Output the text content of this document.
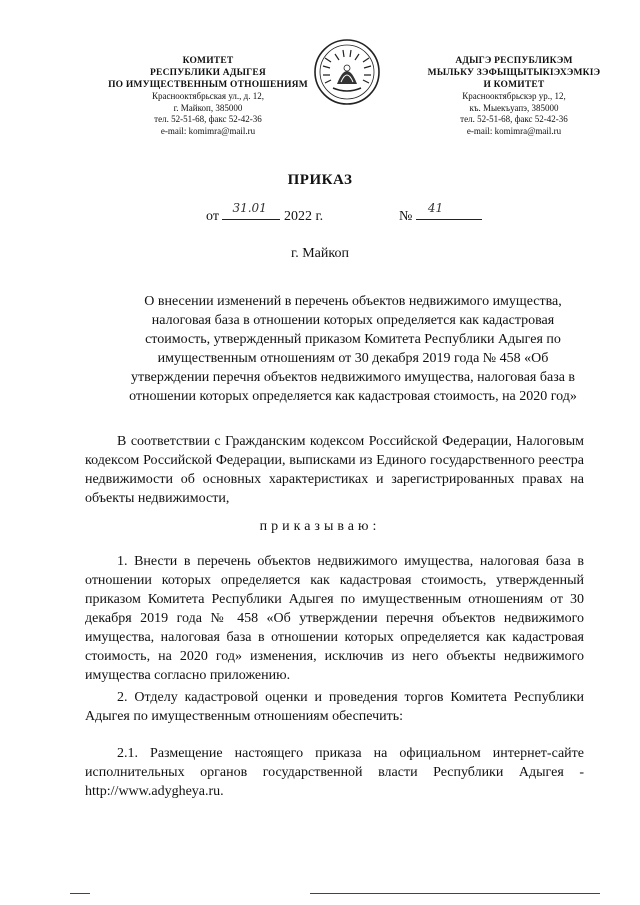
КОМИТЕТ
РЕСПУБЛИКИ АДЫГЕЯ
ПО ИМУЩЕСТВЕННЫМ ОТНОШЕНИЯМ
Краснооктябрьская ул., д. 12,
г. Майкоп, 385000
тел. 52-51-68, факс 52-42-36
e-mail: komimra@mail.ru
АДЫГЭ РЕСПУБЛИКЭМ
МЫЛЬКУ ЗЭФЫЩЫТЫКIЭХЭМКIЭ
И КОМИТЕТ
Краснооктябрьскэр ур., 12,
къ. Мыекъуапэ, 385000
тел. 52-51-68, факс 52-42-36
e-mail: komimra@mail.ru
ПРИКАЗ
от
31.01
2022 г.	№
41
г. Майкоп
О внесении изменений в перечень объектов недвижимого имущества, налоговая база в отношении которых определяется как кадастровая стоимость, утвержденный приказом Комитета Республики Адыгея по имущественным отношениям от 30 декабря 2019 года № 458 «Об утверждении перечня объектов недвижимого имущества, налоговая база в отношении которых определяется как кадастровая стоимость, на 2020 год»
В соответствии с Гражданским кодексом Российской Федерации, Налоговым кодексом Российской Федерации, выписками из Единого государственного реестра недвижимости об основных характеристиках и зарегистрированных правах на объекты недвижимости,
приказываю:
1. Внести в перечень объектов недвижимого имущества, налоговая база в отношении которых определяется как кадастровая стоимость, утвержденный приказом Комитета Республики Адыгея по имущественным отношениям от 30 декабря 2019 года № 458 «Об утверждении перечня объектов недвижимого имущества, налоговая база в отношении которых определяется как кадастровая стоимость, на 2020 год» изменения, исключив из него объекты недвижимого имущества согласно приложению.
2. Отделу кадастровой оценки и проведения торгов Комитета Республики Адыгея по имущественным отношениям обеспечить:
2.1. Размещение настоящего приказа на официальном интернет-сайте исполнительных органов государственной власти Республики Адыгея - http://www.adygheya.ru.
